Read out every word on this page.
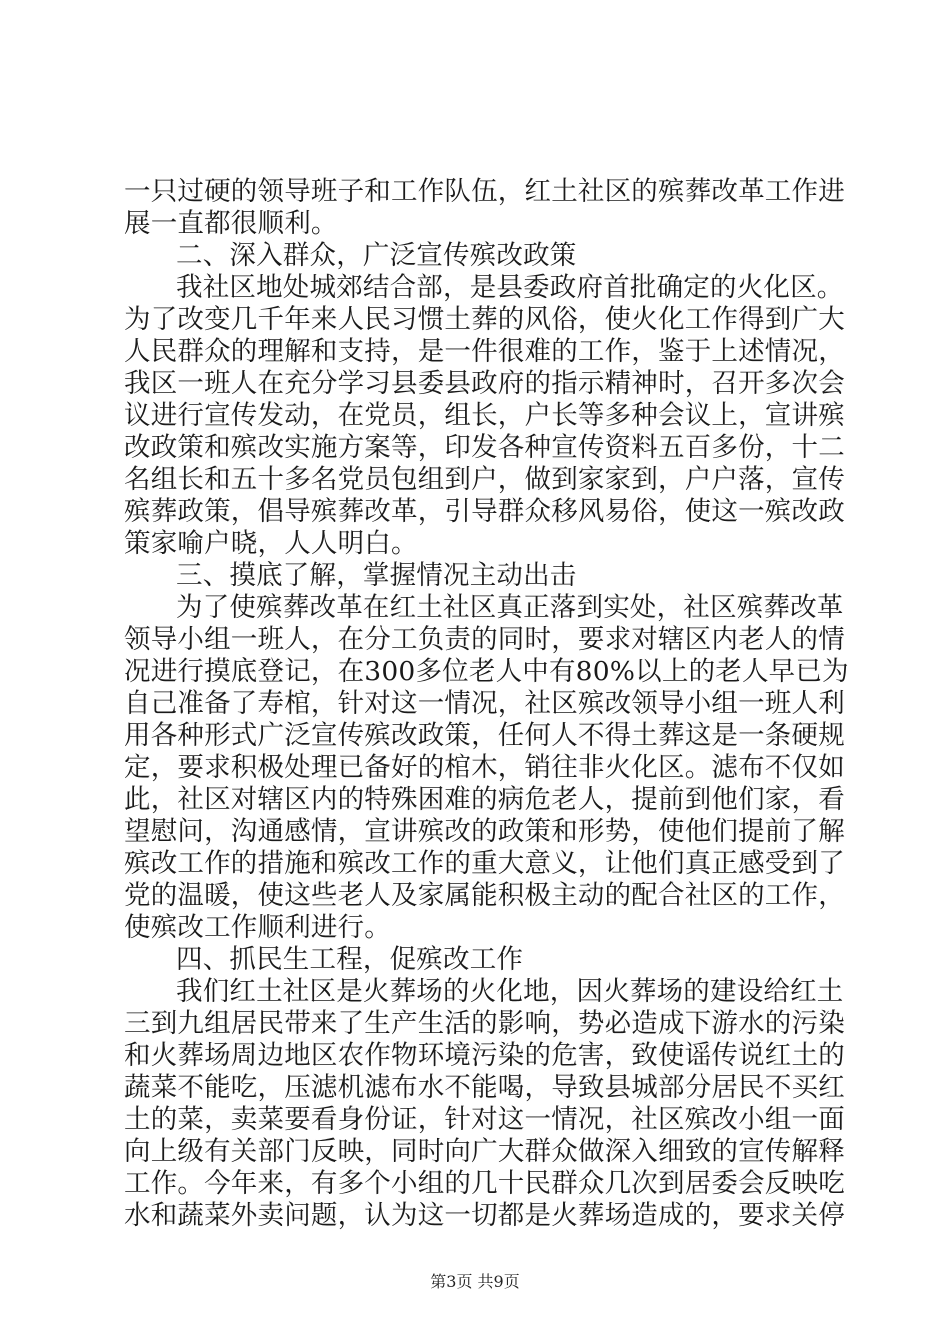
一只过硬的领导班子和工作队伍，红土社区的殡葬改革工作进
展一直都很顺利。
二、深入群众，广泛宣传殡改政策
我社区地处城郊结合部，是县委政府首批确定的火化区。
为了改变几千年来人民习惯土葬的风俗，使火化工作得到广大
人民群众的理解和支持，是一件很难的工作，鉴于上述情况，
我区一班人在充分学习县委县政府的指示精神时，召开多次会
议进行宣传发动，在党员，组长，户长等多种会议上，宣讲殡
改政策和殡改实施方案等，印发各种宣传资料五百多份，十二
名组长和五十多名党员包组到户，做到家家到，户户落，宣传
殡葬政策，倡导殡葬改革，引导群众移风易俗，使这一殡改政
策家喻户晓，人人明白。
三、摸底了解，掌握情况主动出击
为了使殡葬改革在红土社区真正落到实处，社区殡葬改革
领导小组一班人，在分工负责的同时，要求对辖区内老人的情
况进行摸底登记，在300多位老人中有80%以上的老人早已为
自己准备了寿棺，针对这一情况，社区殡改领导小组一班人利
用各种形式广泛宣传殡改政策，任何人不得土葬这是一条硬规
定，要求积极处理已备好的棺木，销往非火化区。滤布不仅如
此，社区对辖区内的特殊困难的病危老人，提前到他们家，看
望慰问，沟通感情，宣讲殡改的政策和形势，使他们提前了解
殡改工作的措施和殡改工作的重大意义，让他们真正感受到了
党的温暖，使这些老人及家属能积极主动的配合社区的工作，
使殡改工作顺利进行。
四、抓民生工程，促殡改工作
我们红土社区是火葬场的火化地，因火葬场的建设给红土
三到九组居民带来了生产生活的影响，势必造成下游水的污染
和火葬场周边地区农作物环境污染的危害，致使谣传说红土的
蔬菜不能吃，压滤机滤布水不能喝，导致县城部分居民不买红
土的菜，卖菜要看身份证，针对这一情况，社区殡改小组一面
向上级有关部门反映，同时向广大群众做深入细致的宣传解释
工作。今年来，有多个小组的几十民群众几次到居委会反映吃
水和蔬菜外卖问题，认为这一切都是火葬场造成的，要求关停
第3页 共9页
